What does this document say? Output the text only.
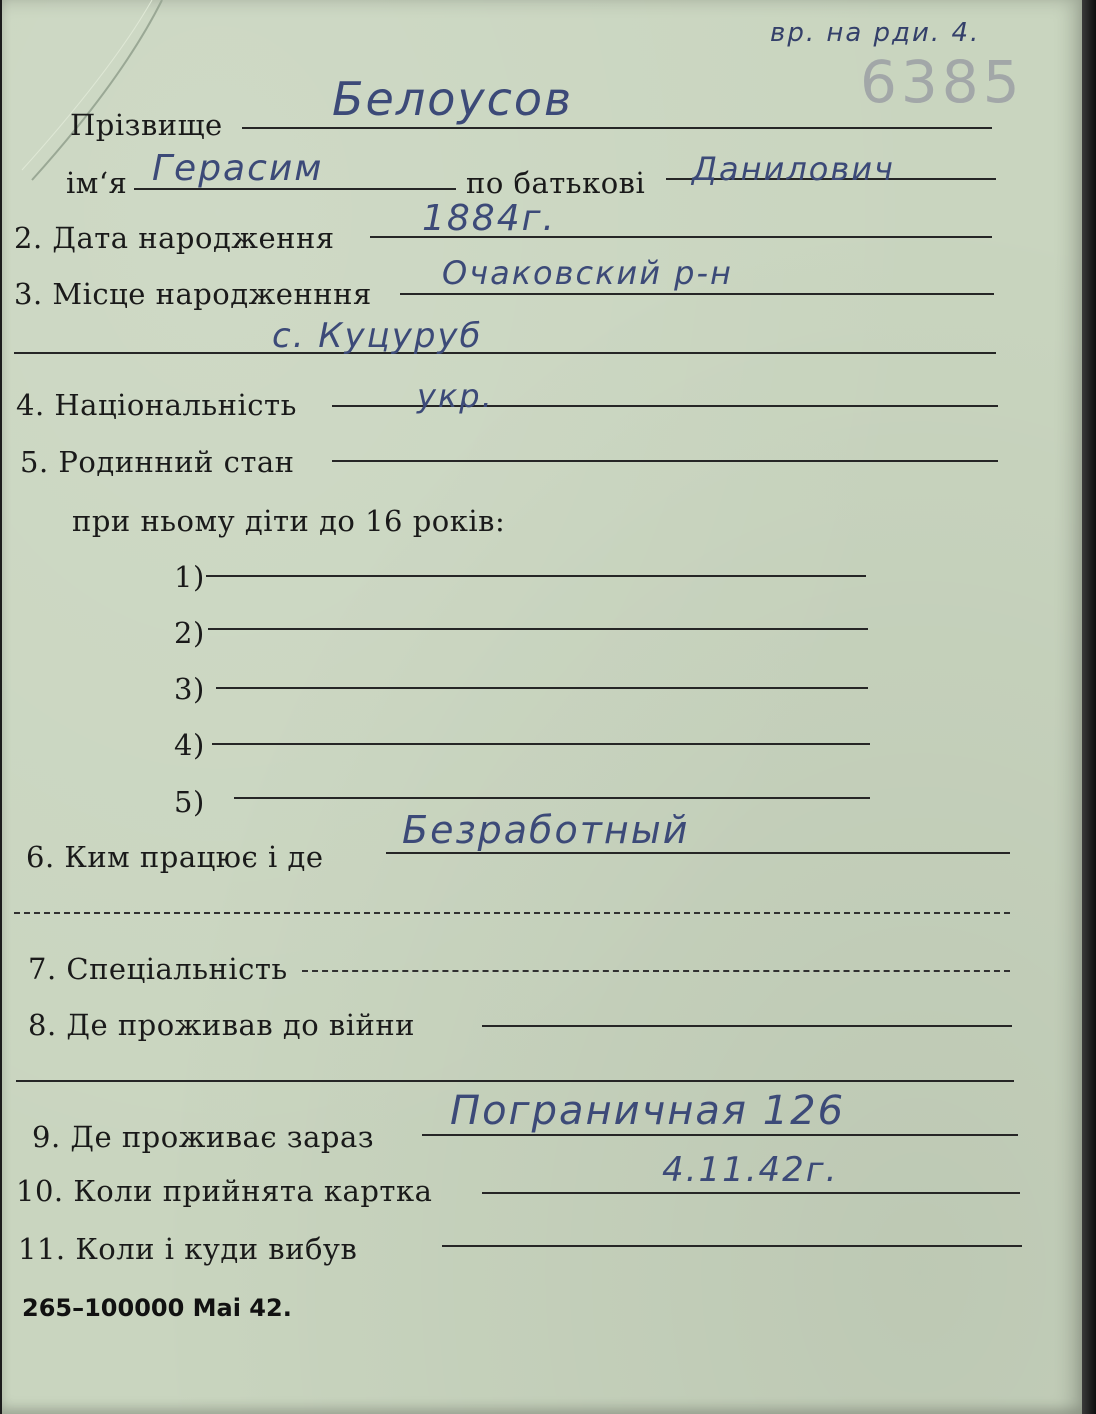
вр. на рди. 4.
6385
Прізвище Белоусов
ім‘я Герасим	по батькові Данилович
2. Дата народження 1884г.
3. Місце народженння
Очаковский р-н
с. Куцуруб
4. Національність	укр.
5. Родинний стан
при ньому діти до 16 років:
1)
2)
3)
4)
5)
6. Ким працює і де
Безработный
7. Спеціальність
8. Де проживав до війни
9. Де проживає зараз
Пограничная 126
10. Коли прийнята картка
4.11.42г.
11. Коли і куди вибув
265–100000 Mai 42.
